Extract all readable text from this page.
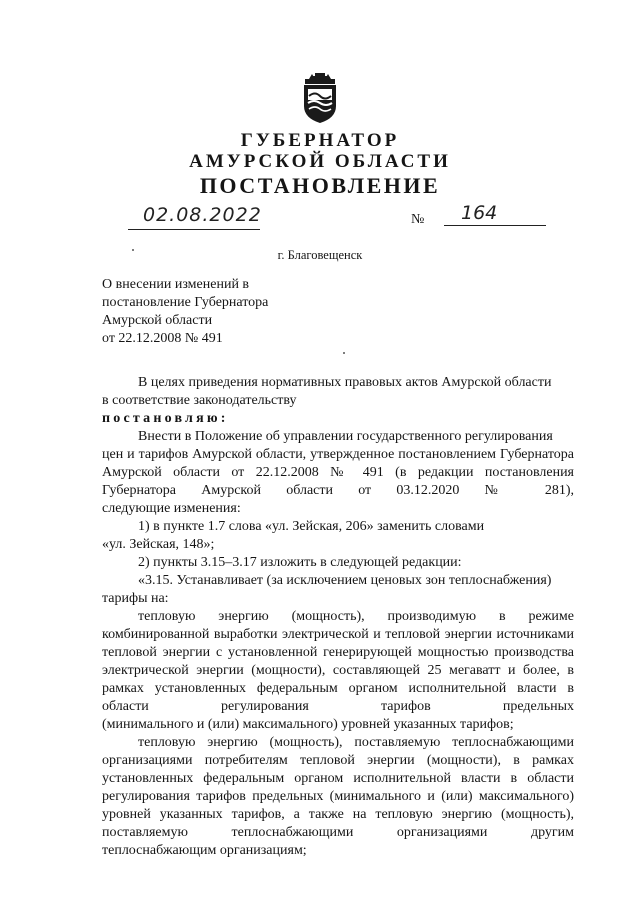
ГУБЕРНАТОР
АМУРСКОЙ ОБЛАСТИ
ПОСТАНОВЛЕНИЕ
02.08.2022	№ 164
г. Благовещенск
О внесении изменений в
постановление Губернатора
Амурской области
от 22.12.2008 № 491

В целях приведения нормативных правовых актов Амурской области

в соответствие законодательству

постановляю:

Внести в Положение об управлении государственного регулирования

цен и тарифов Амурской области, утвержденное постановлением Губернатора Амурской области от 22.12.2008 № 491 (в редакции постановления Губернатора Амурской области от 03.12.2020 № 281),

следующие изменения:

1) в пункте 1.7 слова «ул. Зейская, 206» заменить словами

«ул. Зейская, 148»;

2) пункты 3.15–3.17 изложить в следующей редакции:

«3.15. Устанавливает (за исключением ценовых зон теплоснабжения)

тарифы на:

тепловую энергию (мощность), производимую в режиме комбинированной выработки электрической и тепловой энергии источниками тепловой энергии с установленной генерирующей мощностью производства электрической энергии (мощности), составляющей 25 мегаватт и более, в рамках установленных федеральным органом исполнительной власти в области регулирования тарифов предельных

(минимального и (или) максимального) уровней указанных тарифов;

тепловую энергию (мощность), поставляемую теплоснабжающими организациями потребителям тепловой энергии (мощности), в рамках установленных федеральным органом исполнительной власти в области регулирования тарифов предельных (минимального и (или) максимального) уровней указанных тарифов, а также на тепловую энергию (мощность), поставляемую теплоснабжающими организациями другим

теплоснабжающим организациям;
